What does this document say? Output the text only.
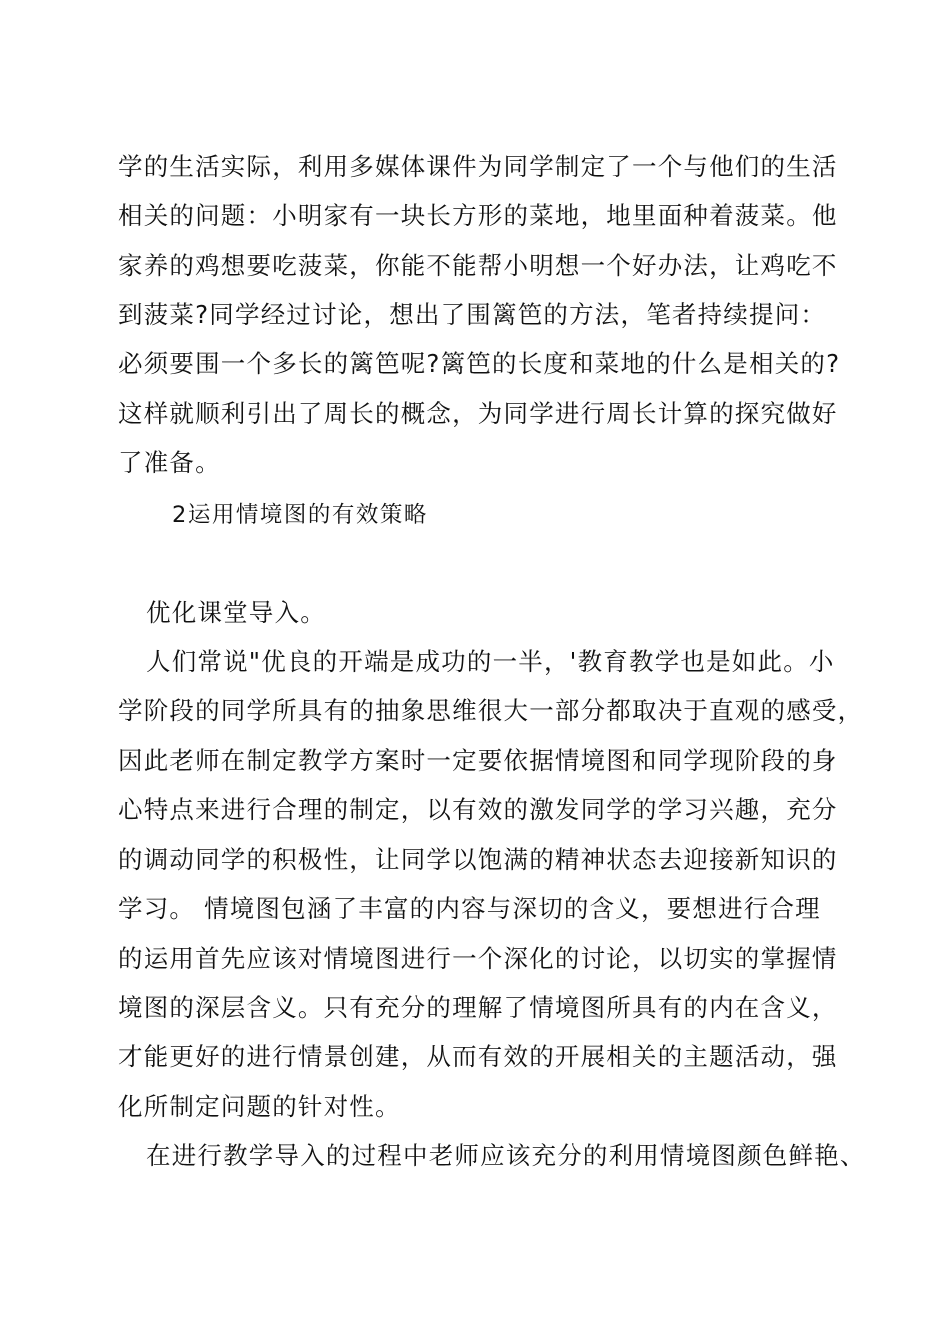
学的生活实际，利用多媒体课件为同学制定了一个与他们的生活
相关的问题：小明家有一块长方形的菜地，地里面种着菠菜。他
家养的鸡想要吃菠菜，你能不能帮小明想一个好办法，让鸡吃不
到菠菜?同学经过讨论，想出了围篱笆的方法，笔者持续提问：
必须要围一个多长的篱笆呢?篱笆的长度和菜地的什么是相关的?
这样就顺利引出了周长的概念，为同学进行周长计算的探究做好
了准备。
2运用情境图的有效策略
优化课堂导入。
人们常说"优良的开端是成功的一半，'教育教学也是如此。小
学阶段的同学所具有的抽象思维很大一部分都取决于直观的感受，
因此老师在制定教学方案时一定要依据情境图和同学现阶段的身
心特点来进行合理的制定，以有效的激发同学的学习兴趣，充分
的调动同学的积极性，让同学以饱满的精神状态去迎接新知识的
学习。 情境图包涵了丰富的内容与深切的含义，要想进行合理
的运用首先应该对情境图进行一个深化的讨论，以切实的掌握情
境图的深层含义。只有充分的理解了情境图所具有的内在含义，
才能更好的进行情景创建，从而有效的开展相关的主题活动，强
化所制定问题的针对性。
在进行教学导入的过程中老师应该充分的利用情境图颜色鲜艳、
